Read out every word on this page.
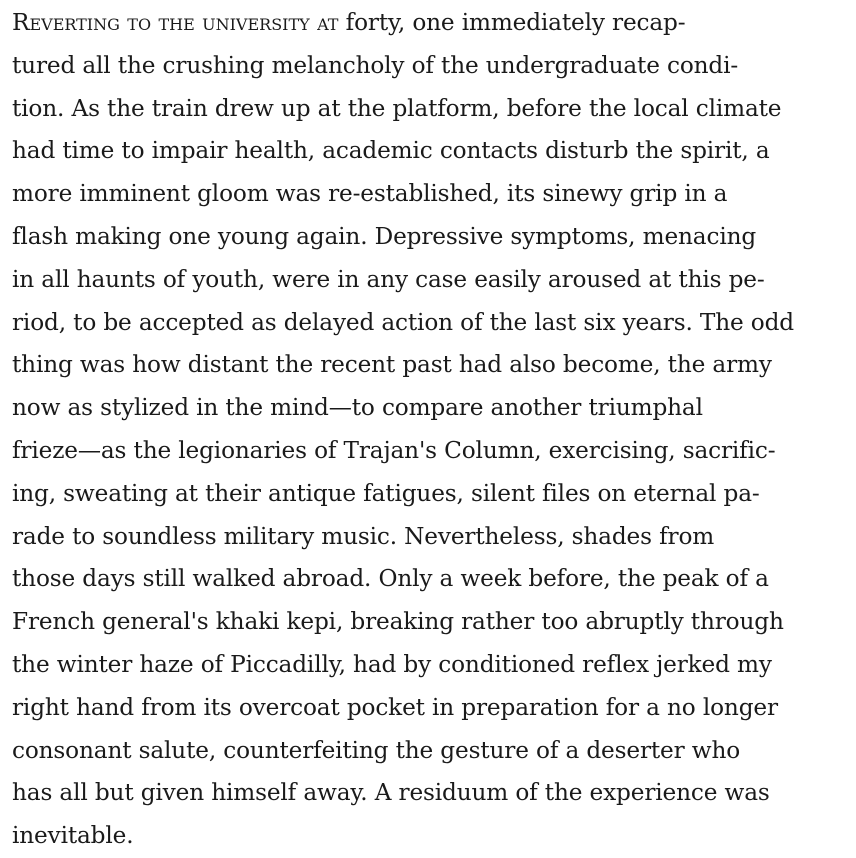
Reverting to the university at forty, one immediately recap-
tured all the crushing melancholy of the undergraduate condi-
tion. As the train drew up at the platform, before the local climate
had time to impair health, academic contacts disturb the spirit, a
more imminent gloom was re-established, its sinewy grip in a
flash making one young again. Depressive symptoms, menacing
in all haunts of youth, were in any case easily aroused at this pe-
riod, to be accepted as delayed action of the last six years. The odd
thing was how distant the recent past had also become, the army
now as stylized in the mind—to compare another triumphal
frieze—as the legionaries of Trajan's Column, exercising, sacrific-
ing, sweating at their antique fatigues, silent files on eternal pa-
rade to soundless military music. Nevertheless, shades from
those days still walked abroad. Only a week before, the peak of a
French general's khaki kepi, breaking rather too abruptly through
the winter haze of Piccadilly, had by conditioned reflex jerked my
right hand from its overcoat pocket in preparation for a no longer
consonant salute, counterfeiting the gesture of a deserter who
has all but given himself away. A residuum of the experience was
inevitable.
